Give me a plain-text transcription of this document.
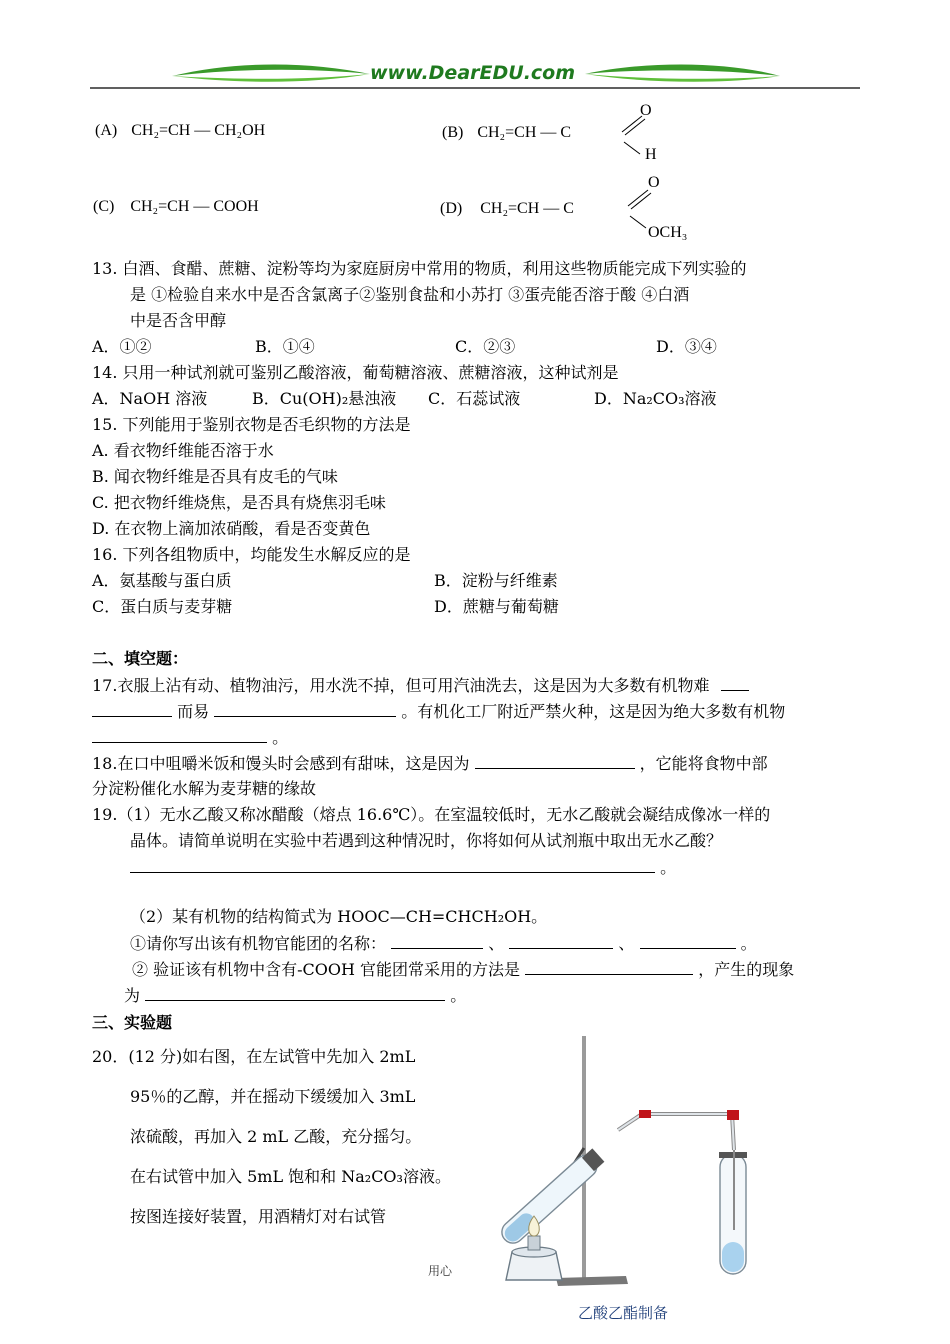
www.DearEDU.com
(A) CH₂=CH — CH₂OH	(B) CH₂=CH — C
O
H
(C) CH₂=CH — COOH	(D) CH₂=CH — C
O
OCH₃
13. 白酒、食醋、蔗糖、淀粉等均为家庭厨房中常用的物质，利用这些物质能完成下列实验的
是 ①检验自来水中是否含氯离子②鉴别食盐和小苏打 ③蛋壳能否溶于酸 ④白酒
中是否含甲醇
A．①②	B．①④	C．②③	D．③④
14. 只用一种试剂就可鉴别乙酸溶液，葡萄糖溶液、蔗糖溶液，这种试剂是
A．NaOH 溶液	B．Cu(OH)₂悬浊液 C．石蕊试液	D．Na₂CO₃溶液
15. 下列能用于鉴别衣物是否毛织物的方法是
A. 看衣物纤维能否溶于水
B. 闻衣物纤维是否具有皮毛的气味
C. 把衣物纤维烧焦，是否具有烧焦羽毛味
D. 在衣物上滴加浓硝酸，看是否变黄色
16. 下列各组物质中，均能发生水解反应的是
A．氨基酸与蛋白质	B．淀粉与纤维素
C．蛋白质与麦芽糖	D．蔗糖与葡萄糖
二、填空题：
17.衣服上沾有动、植物油污，用水洗不掉，但可用汽油洗去，这是因为大多数有机物难
而易	。有机化工厂附近严禁火种，这是因为绝大多数有机物
。
18.在口中咀嚼米饭和馒头时会感到有甜味，这是因为	，它能将食物中部
分淀粉催化水解为麦芽糖的缘故
19.（1）无水乙酸又称冰醋酸（熔点 16.6℃）。在室温较低时，无水乙酸就会凝结成像冰一样的
晶体。请简单说明在实验中若遇到这种情况时，你将如何从试剂瓶中取出无水乙酸？
。
（2）某有机物的结构简式为 HOOC—CH=CHCH₂OH。
①请你写出该有机物官能团的名称：	、	、	。
② 验证该有机物中含有-COOH 官能团常采用的方法是	，产生的现象
为	。
三、实验题
20．(12 分)如右图，在左试管中先加入 2mL
95％的乙醇，并在摇动下缓缓加入 3mL
浓硫酸，再加入 2 mL 乙酸，充分摇匀。
在右试管中加入 5mL 饱和和 Na₂CO₃溶液。
按图连接好装置，用酒精灯对右试管
乙酸乙酯制备
用心
